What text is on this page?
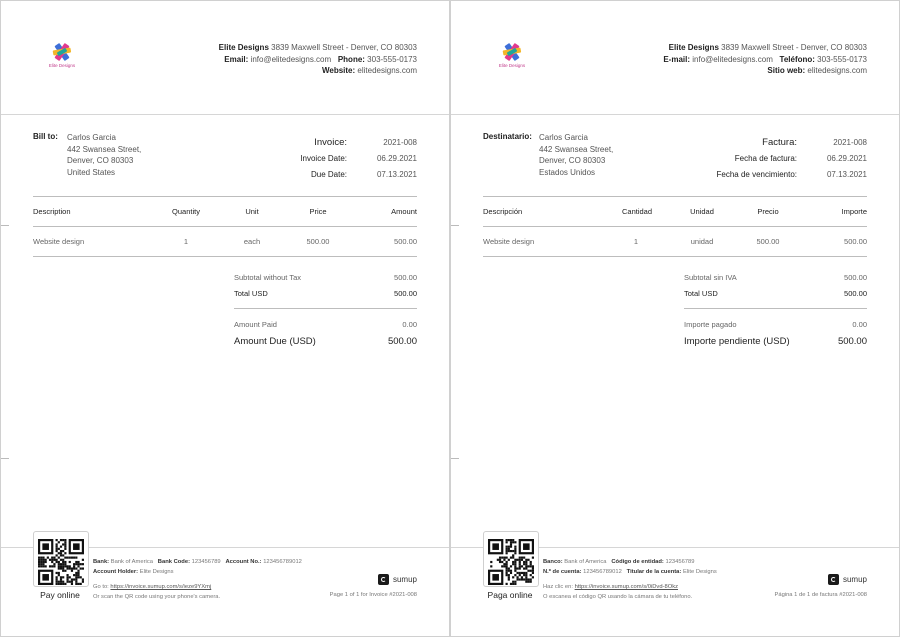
Elite Designs
Elite Designs 3839 Maxwell Street - Denver, CO 80303
Email: info@elitedesigns.com Phone: 303-555-0173
Website: elitedesigns.com
Bill to: Carlos Garcia
442 Swansea Street,
Denver, CO 80303
United States
Invoice:	2021-008
Invoice Date:	06.29.2021
Due Date:	07.13.2021
Description	Quantity	Unit	Price	Amount
Website design	1	each	500.00	500.00
Subtotal without Tax	500.00
Total USD	500.00
Amount Paid	0.00
Amount Due (USD)	500.00
Pay online
Bank: Bank of America Bank Code: 123456789 Account No.: 123456789012
Account Holder: Elite Designs
Go to: https://invoice.sumup.com/s/ieze9YXmj
Or scan the QR code using your phone's camera.
sumup
Page 1 of 1 for Invoice #2021-008
Elite Designs
Elite Designs 3839 Maxwell Street - Denver, CO 80303
E-mail: info@elitedesigns.com Teléfono: 303-555-0173
Sitio web: elitedesigns.com
Destinatario: Carlos Garcia
442 Swansea Street,
Denver, CO 80303
Estados Unidos
Factura:	2021-008
Fecha de factura:	06.29.2021
Fecha de vencimiento:	07.13.2021
Descripción	Cantidad	Unidad	Precio	Importe
Website design	1	unidad	500.00	500.00
Subtotal sin IVA	500.00
Total USD	500.00
Importe pagado	0.00
Importe pendiente (USD)	500.00
Paga online
Banco: Bank of America Código de entidad: 123456789
N.º de cuenta: 123456789012 Titular de la cuenta: Elite Designs
Haz clic en: https://invoice.sumup.com/s/0iDvd-8Okz
O escanea el código QR usando la cámara de tu teléfono.
sumup
Página 1 de 1 de factura #2021-008
